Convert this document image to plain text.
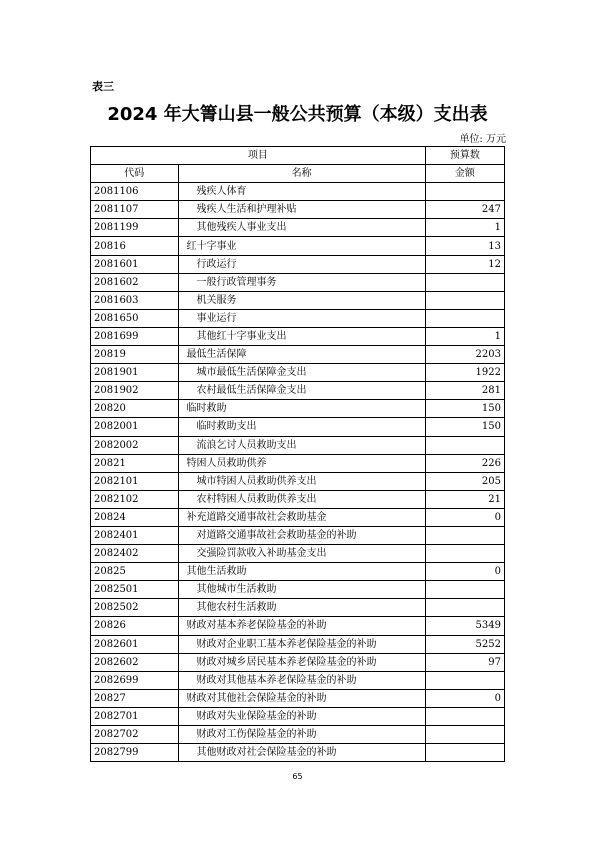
表三
2024 年大箐山县一般公共预算（本级）支出表
单位: 万元
项目		预算数
代码	名称	金额
2081106	残疾人体育	
2081107	残疾人生活和护理补贴	247
2081199	其他残疾人事业支出	1
20816	红十字事业	13
2081601	行政运行	12
2081602	一般行政管理事务	
2081603	机关服务	
2081650	事业运行	
2081699	其他红十字事业支出	1
20819	最低生活保障	2203
2081901	城市最低生活保障金支出	1922
2081902	农村最低生活保障金支出	281
20820	临时救助	150
2082001	临时救助支出	150
2082002	流浪乞讨人员救助支出	
20821	特困人员救助供养	226
2082101	城市特困人员救助供养支出	205
2082102	农村特困人员救助供养支出	21
20824	补充道路交通事故社会救助基金	0
2082401	对道路交通事故社会救助基金的补助	
2082402	交强险罚款收入补助基金支出	
20825	其他生活救助	0
2082501	其他城市生活救助	
2082502	其他农村生活救助	
20826	财政对基本养老保险基金的补助	5349
2082601	财政对企业职工基本养老保险基金的补助	5252
2082602	财政对城乡居民基本养老保险基金的补助	97
2082699	财政对其他基本养老保险基金的补助	
20827	财政对其他社会保险基金的补助	0
2082701	财政对失业保险基金的补助	
2082702	财政对工伤保险基金的补助	
2082799	其他财政对社会保险基金的补助	
65
